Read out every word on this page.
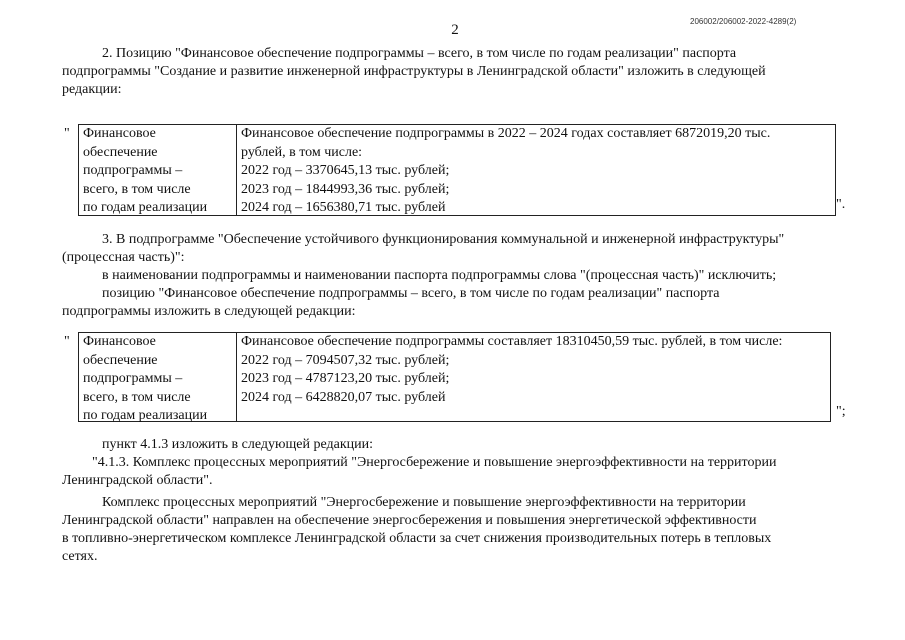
2
206002/206002-2022-4289(2)
2. Позицию "Финансовое обеспечение подпрограммы – всего, в том числе по годам реализации" паспорта
подпрограммы "Создание и развитие инженерной инфраструктуры в Ленинградской области" изложить в следующей
редакции:
" Финансовое
обеспечение
подпрограммы –
всего, в том числе
по годам реализации
Финансовое обеспечение подпрограммы в 2022 – 2024 годах составляет 6872019,20 тыс.
рублей, в том числе:
2022 год – 3370645,13 тыс. рублей;
2023 год – 1844993,36 тыс. рублей;
2024 год – 1656380,71 тыс. рублей	".
3. В подпрограмме "Обеспечение устойчивого функционирования коммунальной и инженерной инфраструктуры"
(процессная часть)":
в наименовании подпрограммы и наименовании паспорта подпрограммы слова "(процессная часть)" исключить;
позицию "Финансовое обеспечение подпрограммы – всего, в том числе по годам реализации" паспорта
подпрограммы изложить в следующей редакции:
" Финансовое
обеспечение
подпрограммы –
всего, в том числе
по годам реализации
Финансовое обеспечение подпрограммы составляет 18310450,59 тыс. рублей, в том числе:
2022 год – 7094507,32 тыс. рублей;
2023 год – 4787123,20 тыс. рублей;
2024 год – 6428820,07 тыс. рублей
";
пункт 4.1.3 изложить в следующей редакции:
"4.1.3. Комплекс процессных мероприятий "Энергосбережение и повышение энергоэффективности на территории
Ленинградской области".
Комплекс процессных мероприятий "Энергосбережение и повышение энергоэффективности на территории
Ленинградской области" направлен на обеспечение энергосбережения и повышения энергетической эффективности
в топливно-энергетическом комплексе Ленинградской области за счет снижения производительных потерь в тепловых
сетях.
